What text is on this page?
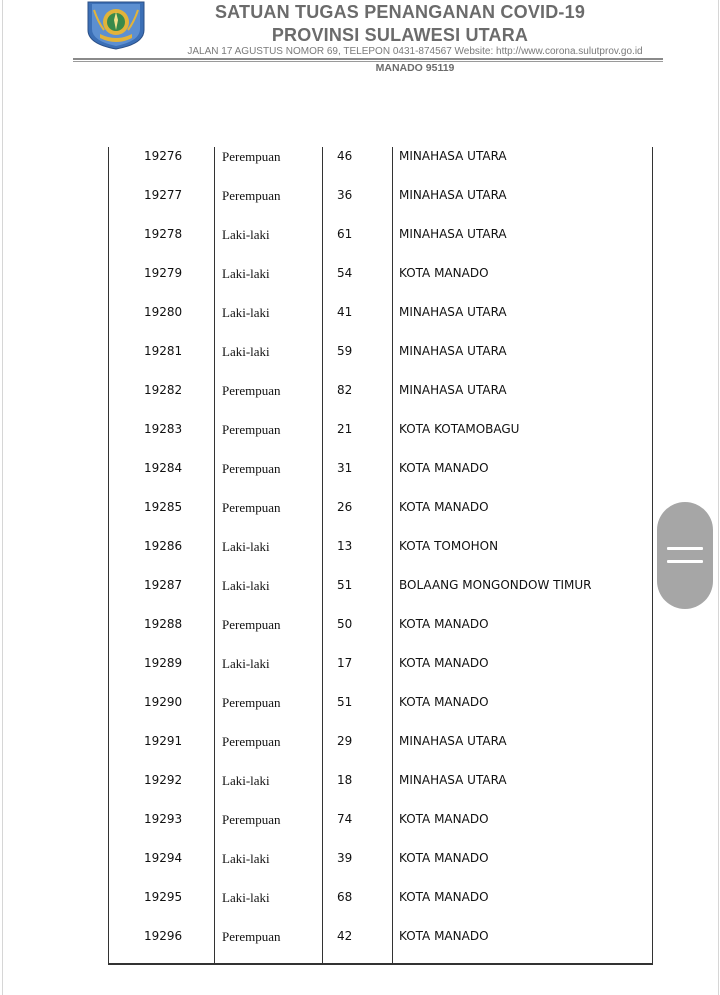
SATUAN TUGAS PENANGANAN COVID-19
PROVINSI SULAWESI UTARA
JALAN 17 AGUSTUS NOMOR 69, TELEPON 0431-874567 Website: http://www.corona.sulutprov.go.id
MANADO 95119
19276	Perempuan	46	MINAHASA UTARA
19277	Perempuan	36	MINAHASA UTARA
19278	Laki-laki	61	MINAHASA UTARA
19279	Laki-laki	54	KOTA MANADO
19280	Laki-laki	41	MINAHASA UTARA
19281	Laki-laki	59	MINAHASA UTARA
19282	Perempuan	82	MINAHASA UTARA
19283	Perempuan	21	KOTA KOTAMOBAGU
19284	Perempuan	31	KOTA MANADO
19285	Perempuan	26	KOTA MANADO
19286	Laki-laki	13	KOTA TOMOHON
19287	Laki-laki	51	BOLAANG MONGONDOW TIMUR
19288	Perempuan	50	KOTA MANADO
19289	Laki-laki	17	KOTA MANADO
19290	Perempuan	51	KOTA MANADO
19291	Perempuan	29	MINAHASA UTARA
19292	Laki-laki	18	MINAHASA UTARA
19293	Perempuan	74	KOTA MANADO
19294	Laki-laki	39	KOTA MANADO
19295	Laki-laki	68	KOTA MANADO
19296	Perempuan	42	KOTA MANADO
